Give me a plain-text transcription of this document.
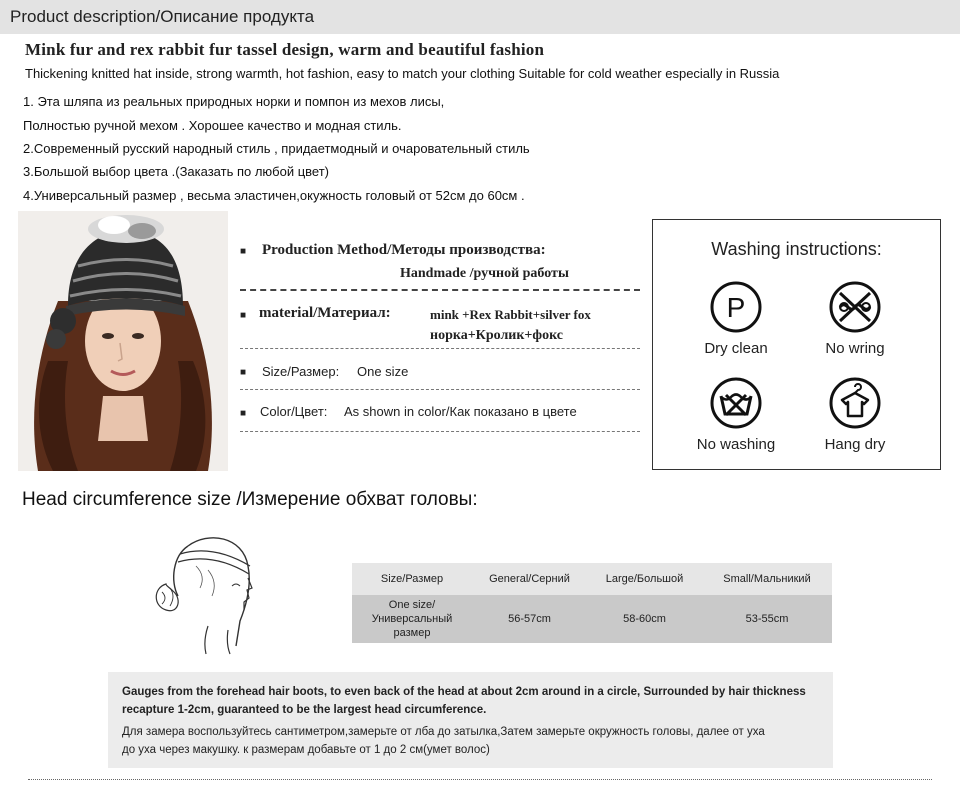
Product description/Описание продукта
Mink fur and rex rabbit fur tassel design, warm and beautiful fashion
Thickening knitted hat inside, strong warmth, hot fashion, easy to match your clothing Suitable for cold weather especially in Russia
1. Эта шляпа из реальных природных норки и помпон из мехов лисы,
Полностью ручной мехом . Хорошее качество и модная стиль.
2.Современный русский народный стиль , придаетмодный и очаровательный стиль
3.Большой выбор цвета .(Заказать по любой цвет)
4.Универсальный размер , весьма эластичен,окужность головый от 52см до 60см .
■ Production Method/Методы производства:
Handmade /ручной работы
■ material/Материал:	mink +Rex Rabbit+silver fox
норка+Кролик+фокс
■ Size/Размер: One size
■ Color/Цвет: As shown in color/Как показано в цвете
Washing instructions:
P
Dry clean	No wring
No washing	Hang dry
Head circumference size /Измерение обхват головы:
Size/Размер	General/Серний	Large/Большой	Small/Мальникий

One size/
Универсальный
размер	56-57cm	58-60cm	53-55cm
Gauges from the forehead hair boots, to even back of the head at about 2cm around in a circle, Surrounded by hair thickness
recapture 1-2cm, guaranteed to be the largest head circumference.
Для замера воспользуйтесь сантиметром,замерьте от лба до затылка,Затем замерьте окружность головы, далее от уха
до уха через макушку. к размерам добавьте от 1 до 2 см(умет волос)
